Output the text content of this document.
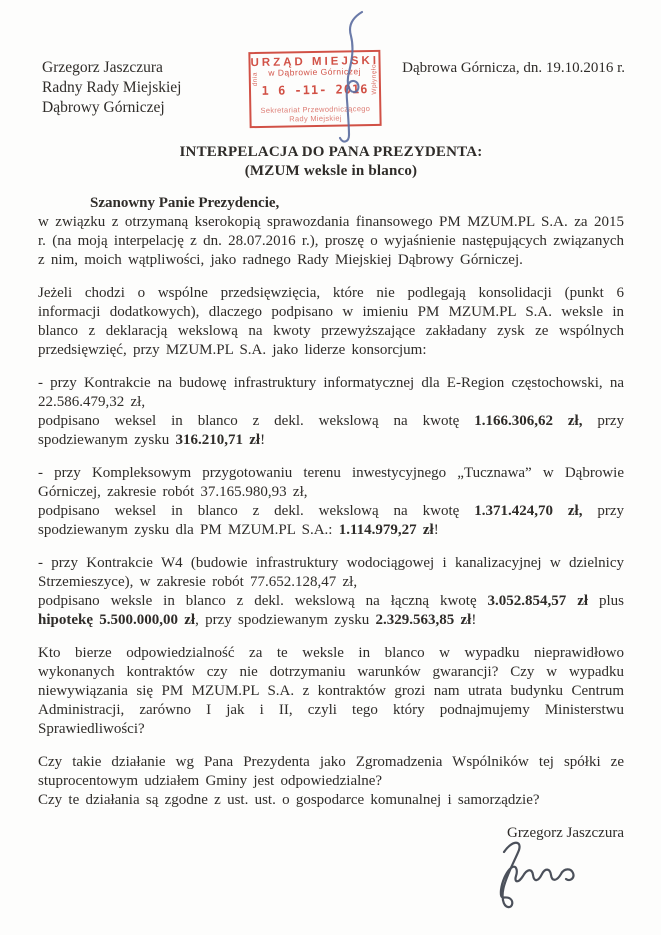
Grzegorz Jaszczura
Radny Rady Miejskiej
Dąbrowy Górniczej
Dąbrowa Górnicza, dn. 19.10.2016 r.
URZĄD MIEJSKI
w Dąbrowie Górniczej
dnia
1 6 -11- 2016 Wpłynęło
Sekretariat Przewodniczącego
Rady Miejskiej
INTERPELACJA DO PANA PREZYDENTA:
(MZUM weksle in blanco)
Szanowny Panie Prezydencie,

w związku z otrzymaną kserokopią sprawozdania finansowego PM MZUM.PL S.A. za 2015 r. (na moją interpelację z dn. 28.07.2016 r.), proszę o wyjaśnienie następujących związanych z nim, moich wątpliwości, jako radnego Rady Miejskiej Dąbrowy Górniczej.

Jeżeli chodzi o wspólne przedsięwzięcia, które nie podlegają konsolidacji (punkt 6 informacji dodatkowych), dlaczego podpisano w imieniu PM MZUM.PL S.A. weksle in blanco z deklaracją wekslową na kwoty przewyższające zakładany zysk ze wspólnych przedsięwzięć, przy MZUM.PL S.A. jako liderze konsorcjum:

- przy Kontrakcie na budowę infrastruktury informatycznej dla E-Region częstochowski, na 22.586.479,32 zł,
podpisano weksel in blanco z dekl. wekslową na kwotę 1.166.306,62 zł, przy spodziewanym zysku 316.210,71 zł!

- przy Kompleksowym przygotowaniu terenu inwestycyjnego „Tucznawa” w Dąbrowie Górniczej, zakresie robót 37.165.980,93 zł,
podpisano weksel in blanco z dekl. wekslową na kwotę 1.371.424,70 zł, przy spodziewanym zysku dla PM MZUM.PL S.A.: 1.114.979,27 zł!

- przy Kontrakcie W4 (budowie infrastruktury wodociągowej i kanalizacyjnej w dzielnicy Strzemieszyce), w zakresie robót 77.652.128,47 zł,
podpisano weksle in blanco z dekl. wekslową na łączną kwotę 3.052.854,57 zł plus hipotekę 5.500.000,00 zł, przy spodziewanym zysku 2.329.563,85 zł!

Kto bierze odpowiedzialność za te weksle in blanco w wypadku nieprawidłowo wykonanych kontraktów czy nie dotrzymaniu warunków gwarancji? Czy w wypadku niewywiązania się PM MZUM.PL S.A. z kontraktów grozi nam utrata budynku Centrum Administracji, zarówno I jak i II, czyli tego który podnajmujemy Ministerstwu Sprawiedliwości?

Czy takie działanie wg Pana Prezydenta jako Zgromadzenia Wspólników tej spółki ze stuprocentowym udziałem Gminy jest odpowiedzialne?
Czy te działania są zgodne z ust. ust. o gospodarce komunalnej i samorządzie?

Grzegorz Jaszczura
